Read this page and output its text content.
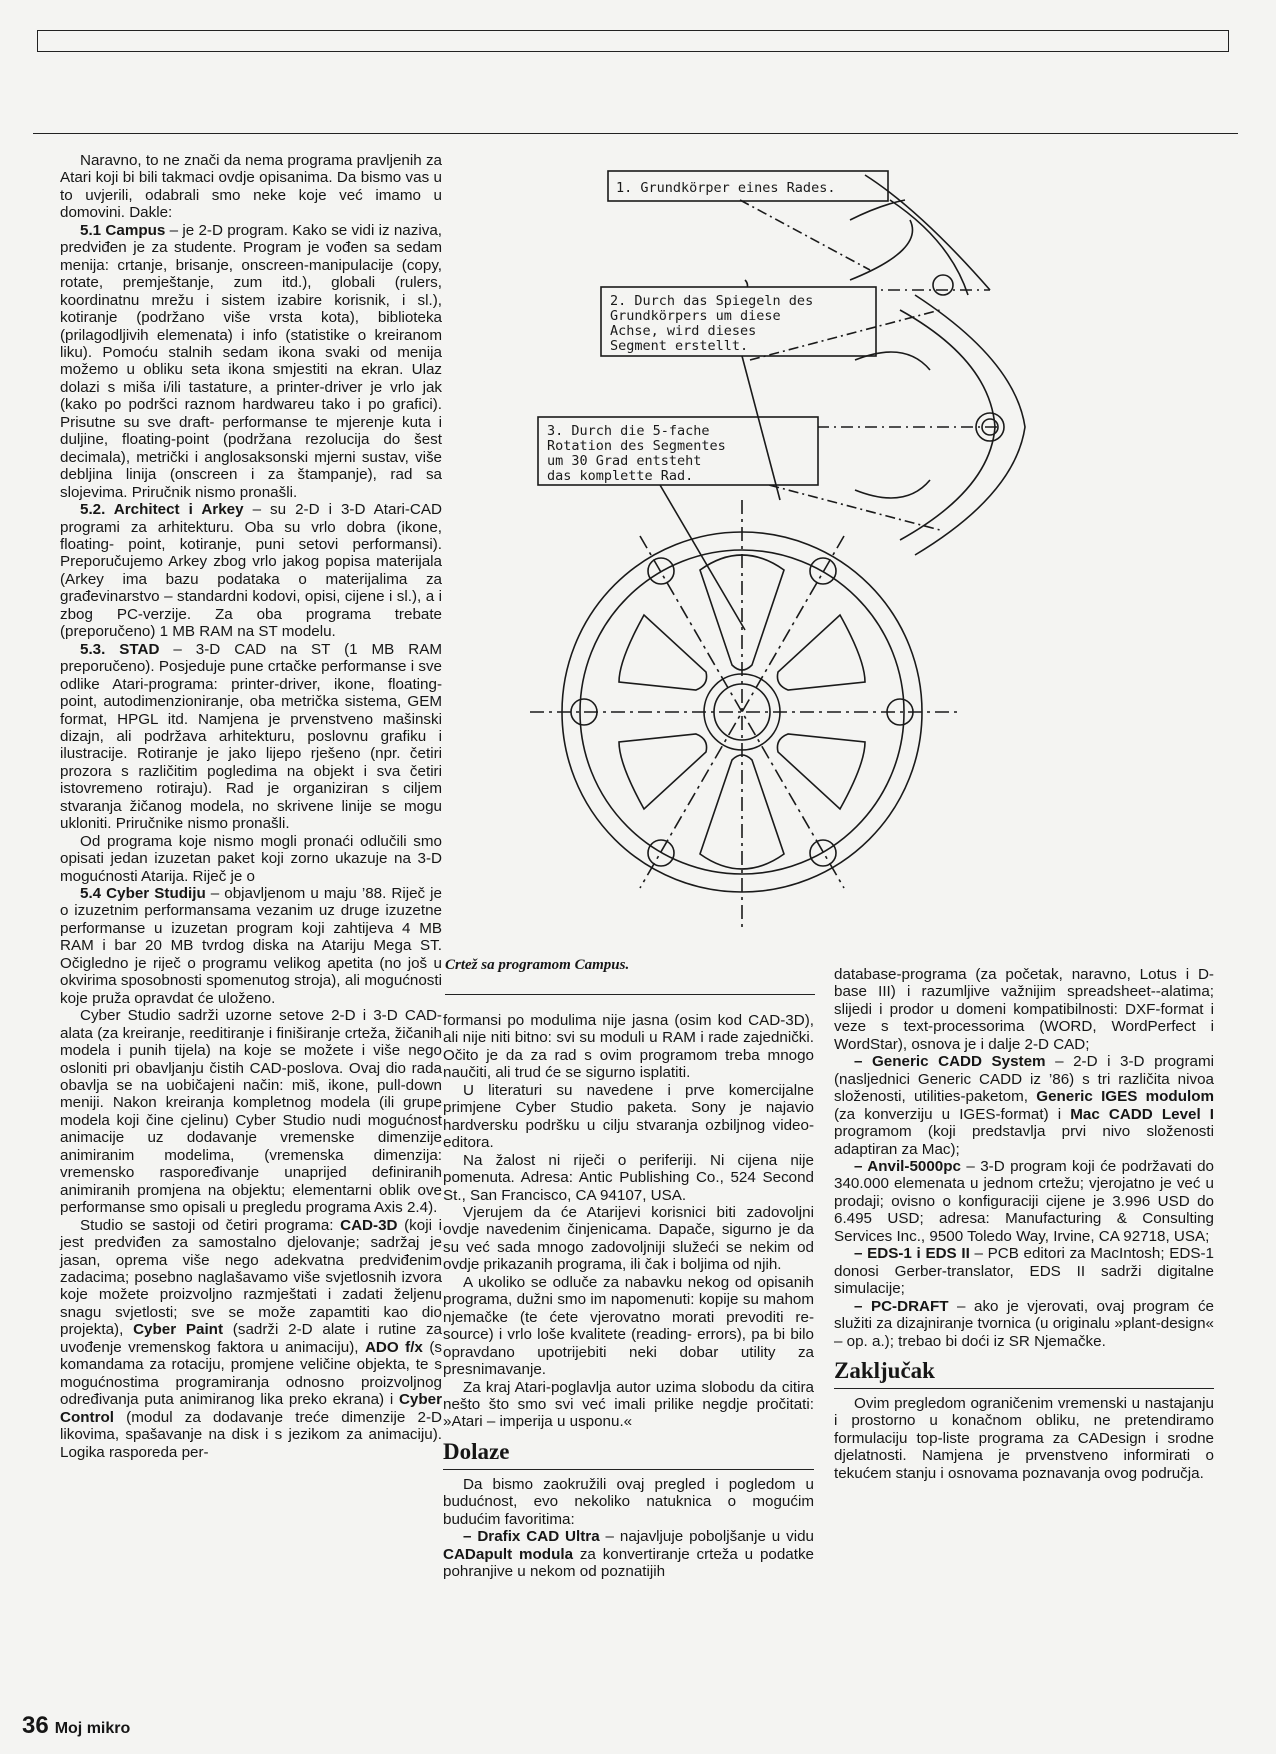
Naravno, to ne znači da nema programa pravljenih za Atari koji bi bili takmaci ovdje opisanima. Da bismo vas u to uvjerili, odabrali smo neke koje već imamo u domovini. Dakle:

5.1 Campus – je 2-D program. Kako se vidi iz naziva, predviđen je za studente. Program je vođen sa sedam menija: crtanje, brisanje, onscreen-manipulacije (copy, rotate, premještanje, zum itd.), globali (rulers, koordinatnu mrežu i sistem izabire korisnik, i sl.), kotiranje (podržano više vrsta kota), biblioteka (prilagodljivih elemenata) i info (statistike o kreiranom liku). Pomoću stalnih sedam ikona svaki od menija možemo u obliku seta ikona smjestiti na ekran. Ulaz dolazi s miša i/ili tastature, a printer-driver je vrlo jak (kako po podršci raznom hardwareu tako i po grafici). Prisutne su sve draft- performanse te mjerenje kuta i duljine, floating-point (podržana rezolucija do šest decimala), metrički i anglosaksonski mjerni sustav, više debljina linija (onscreen i za štampanje), rad sa slojevima. Priručnik nismo pronašli.

5.2. Architect i Arkey – su 2-D i 3-D Atari-CAD programi za arhitekturu. Oba su vrlo dobra (ikone, floating- point, kotiranje, puni setovi performansi). Preporučujemo Arkey zbog vrlo jakog popisa materijala (Arkey ima bazu podataka o materijalima za građevinarstvo – standardni kodovi, opisi, cijene i sl.), a i zbog PC-verzije. Za oba programa trebate (preporučeno) 1 MB RAM na ST modelu.

5.3. STAD – 3-D CAD na ST (1 MB RAM preporučeno). Posjeduje pune crtačke performanse i sve odlike Atari-programa: printer-driver, ikone, floating-point, autodimenzioniranje, oba metrička sistema, GEM format, HPGL itd. Namjena je prvenstveno mašinski dizajn, ali podržava arhitekturu, poslovnu grafiku i ilustracije. Rotiranje je jako lijepo rješeno (npr. četiri prozora s različitim pogledima na objekt i sva četiri istovremeno rotiraju). Rad je organiziran s ciljem stvaranja žičanog modela, no skrivene linije se mogu ukloniti. Priručnike nismo pronašli.

Od programa koje nismo mogli pronaći odlučili smo opisati jedan izuzetan paket koji zorno ukazuje na 3-D mogućnosti Atarija. Riječ je o

5.4 Cyber Studiju – objavljenom u maju ’88. Riječ je o izuzetnim performansama vezanim uz druge izuzetne performanse u izuzetan program koji zahtijeva 4 MB RAM i bar 20 MB tvrdog diska na Atariju Mega ST. Očigledno je riječ o programu velikog apetita (no još u okvirima sposobnosti spomenutog stroja), ali mogućnosti koje pruža opravdat će uloženo.

Cyber Studio sadrži uzorne setove 2-D i 3-D CAD-alata (za kreiranje, reeditiranje i finiširanje crteža, žičanih modela i punih tijela) na koje se možete i više nego osloniti pri obavljanju čistih CAD-poslova. Ovaj dio rada obavlja se na uobičajeni način: miš, ikone, pull-down meniji. Nakon kreiranja kompletnog modela (ili grupe modela koji čine cjelinu) Cyber Studio nudi mogućnost animacije uz dodavanje vremenske dimenzije animiranim modelima, (vremenska dimenzija: vremensko raspoređivanje unaprijed definiranih animiranih promjena na objektu; elementarni oblik ove performanse smo opisali u pregledu programa Axis 2.4).

Studio se sastoji od četiri programa: CAD-3D (koji i jest predviđen za samostalno djelovanje; sadržaj je jasan, oprema više nego adekvatna predviđenim zadacima; posebno naglašavamo više svjetlosnih izvora koje možete proizvoljno razmještati i zadati željenu snagu svjetlosti; sve se može zapamtiti kao dio projekta), Cyber Paint (sadrži 2-D alate i rutine za uvođenje vremenskog faktora u animaciju), ADO f/x (s komandama za rotaciju, promjene veličine objekta, te s mogućnostima programiranja odnosno proizvoljnog određivanja puta animiranog lika preko ekrana) i Cyber Control (modul za dodavanje treće dimenzije 2-D likovima, spašavanje na disk i s jezikom za animaciju). Logika rasporeda per-

1. Grundkörper eines Rades.
2. Durch das Spiegeln des
Grundkörpers um diese
Achse, wird dieses
Segment erstellt.
3. Durch die 5-fache
Rotation des Segmentes
um 30 Grad entsteht
das komplette Rad.
Crtež sa programom Campus.

formansi po modulima nije jasna (osim kod CAD-3D), ali nije niti bitno: svi su moduli u RAM i rade zajednički. Očito je da za rad s ovim programom treba mnogo naučiti, ali trud će se sigurno isplatiti.

U literaturi su navedene i prve komercijalne primjene Cyber Studio paketa. Sony je najavio hardversku podršku u cilju stvaranja ozbiljnog video-editora.

Na žalost ni riječi o periferiji. Ni cijena nije pomenuta. Adresa: Antic Publishing Co., 524 Second St., San Francisco, CA 94107, USA.

Vjerujem da će Atarijevi korisnici biti zadovoljni ovdje navedenim činjenicama. Dapače, sigurno je da su već sada mnogo zadovoljniji služeći se nekim od ovdje prikazanih programa, ili čak i boljima od njih.

A ukoliko se odluče za nabavku nekog od opisanih programa, dužni smo im napomenuti: kopije su mahom njemačke (te ćete vjerovatno morati prevoditi re-source) i vrlo loše kvalitete (reading- errors), pa bi bilo opravdano upotrijebiti neki dobar utility za presnimavanje.

Za kraj Atari-poglavlja autor uzima slobodu da citira nešto što smo svi već imali prilike negdje pročitati: »Atari – imperija u usponu.«

Dolaze

Da bismo zaokružili ovaj pregled i pogledom u budućnost, evo nekoliko natuknica o mogućim budućim favoritima:

– Drafix CAD Ultra – najavljuje poboljšanje u vidu CADapult modula za konvertiranje crteža u podatke pohranjive u nekom od poznatijih

database-programa (za početak, naravno, Lotus i D-base III) i razumljive važnijim spreadsheet--alatima; slijedi i prodor u domeni kompatibilnosti: DXF-format i veze s text-processorima (WORD, WordPerfect i WordStar), osnova je i dalje 2-D CAD;

– Generic CADD System – 2-D i 3-D programi (nasljednici Generic CADD iz ’86) s tri različita nivoa složenosti, utilities-paketom, Generic IGES modulom (za konverziju u IGES-format) i Mac CADD Level I programom (koji predstavlja prvi nivo složenosti adaptiran za Mac);

– Anvil-5000pc – 3-D program koji će podržavati do 340.000 elemenata u jednom crtežu; vjerojatno je već u prodaji; ovisno o konfiguraciji cijene je 3.996 USD do 6.495 USD; adresa: Manufacturing & Consulting Services Inc., 9500 Toledo Way, Irvine, CA 92718, USA;

– EDS-1 i EDS II – PCB editori za MacIntosh; EDS-1 donosi Gerber-translator, EDS II sadrži digitalne simulacije;

– PC-DRAFT – ako je vjerovati, ovaj program će služiti za dizajniranje tvornica (u originalu »plant-design« – op. a.); trebao bi doći iz SR Njemačke.

Zaključak

Ovim pregledom ograničenim vremenski u nastajanju i prostorno u konačnom obliku, ne pretendiramo formulaciju top-liste programa za CADesign i srodne djelatnosti. Namjena je prvenstveno informirati o tekućem stanju i osnovama poznavanja ovog područja.

36 Moj mikro
